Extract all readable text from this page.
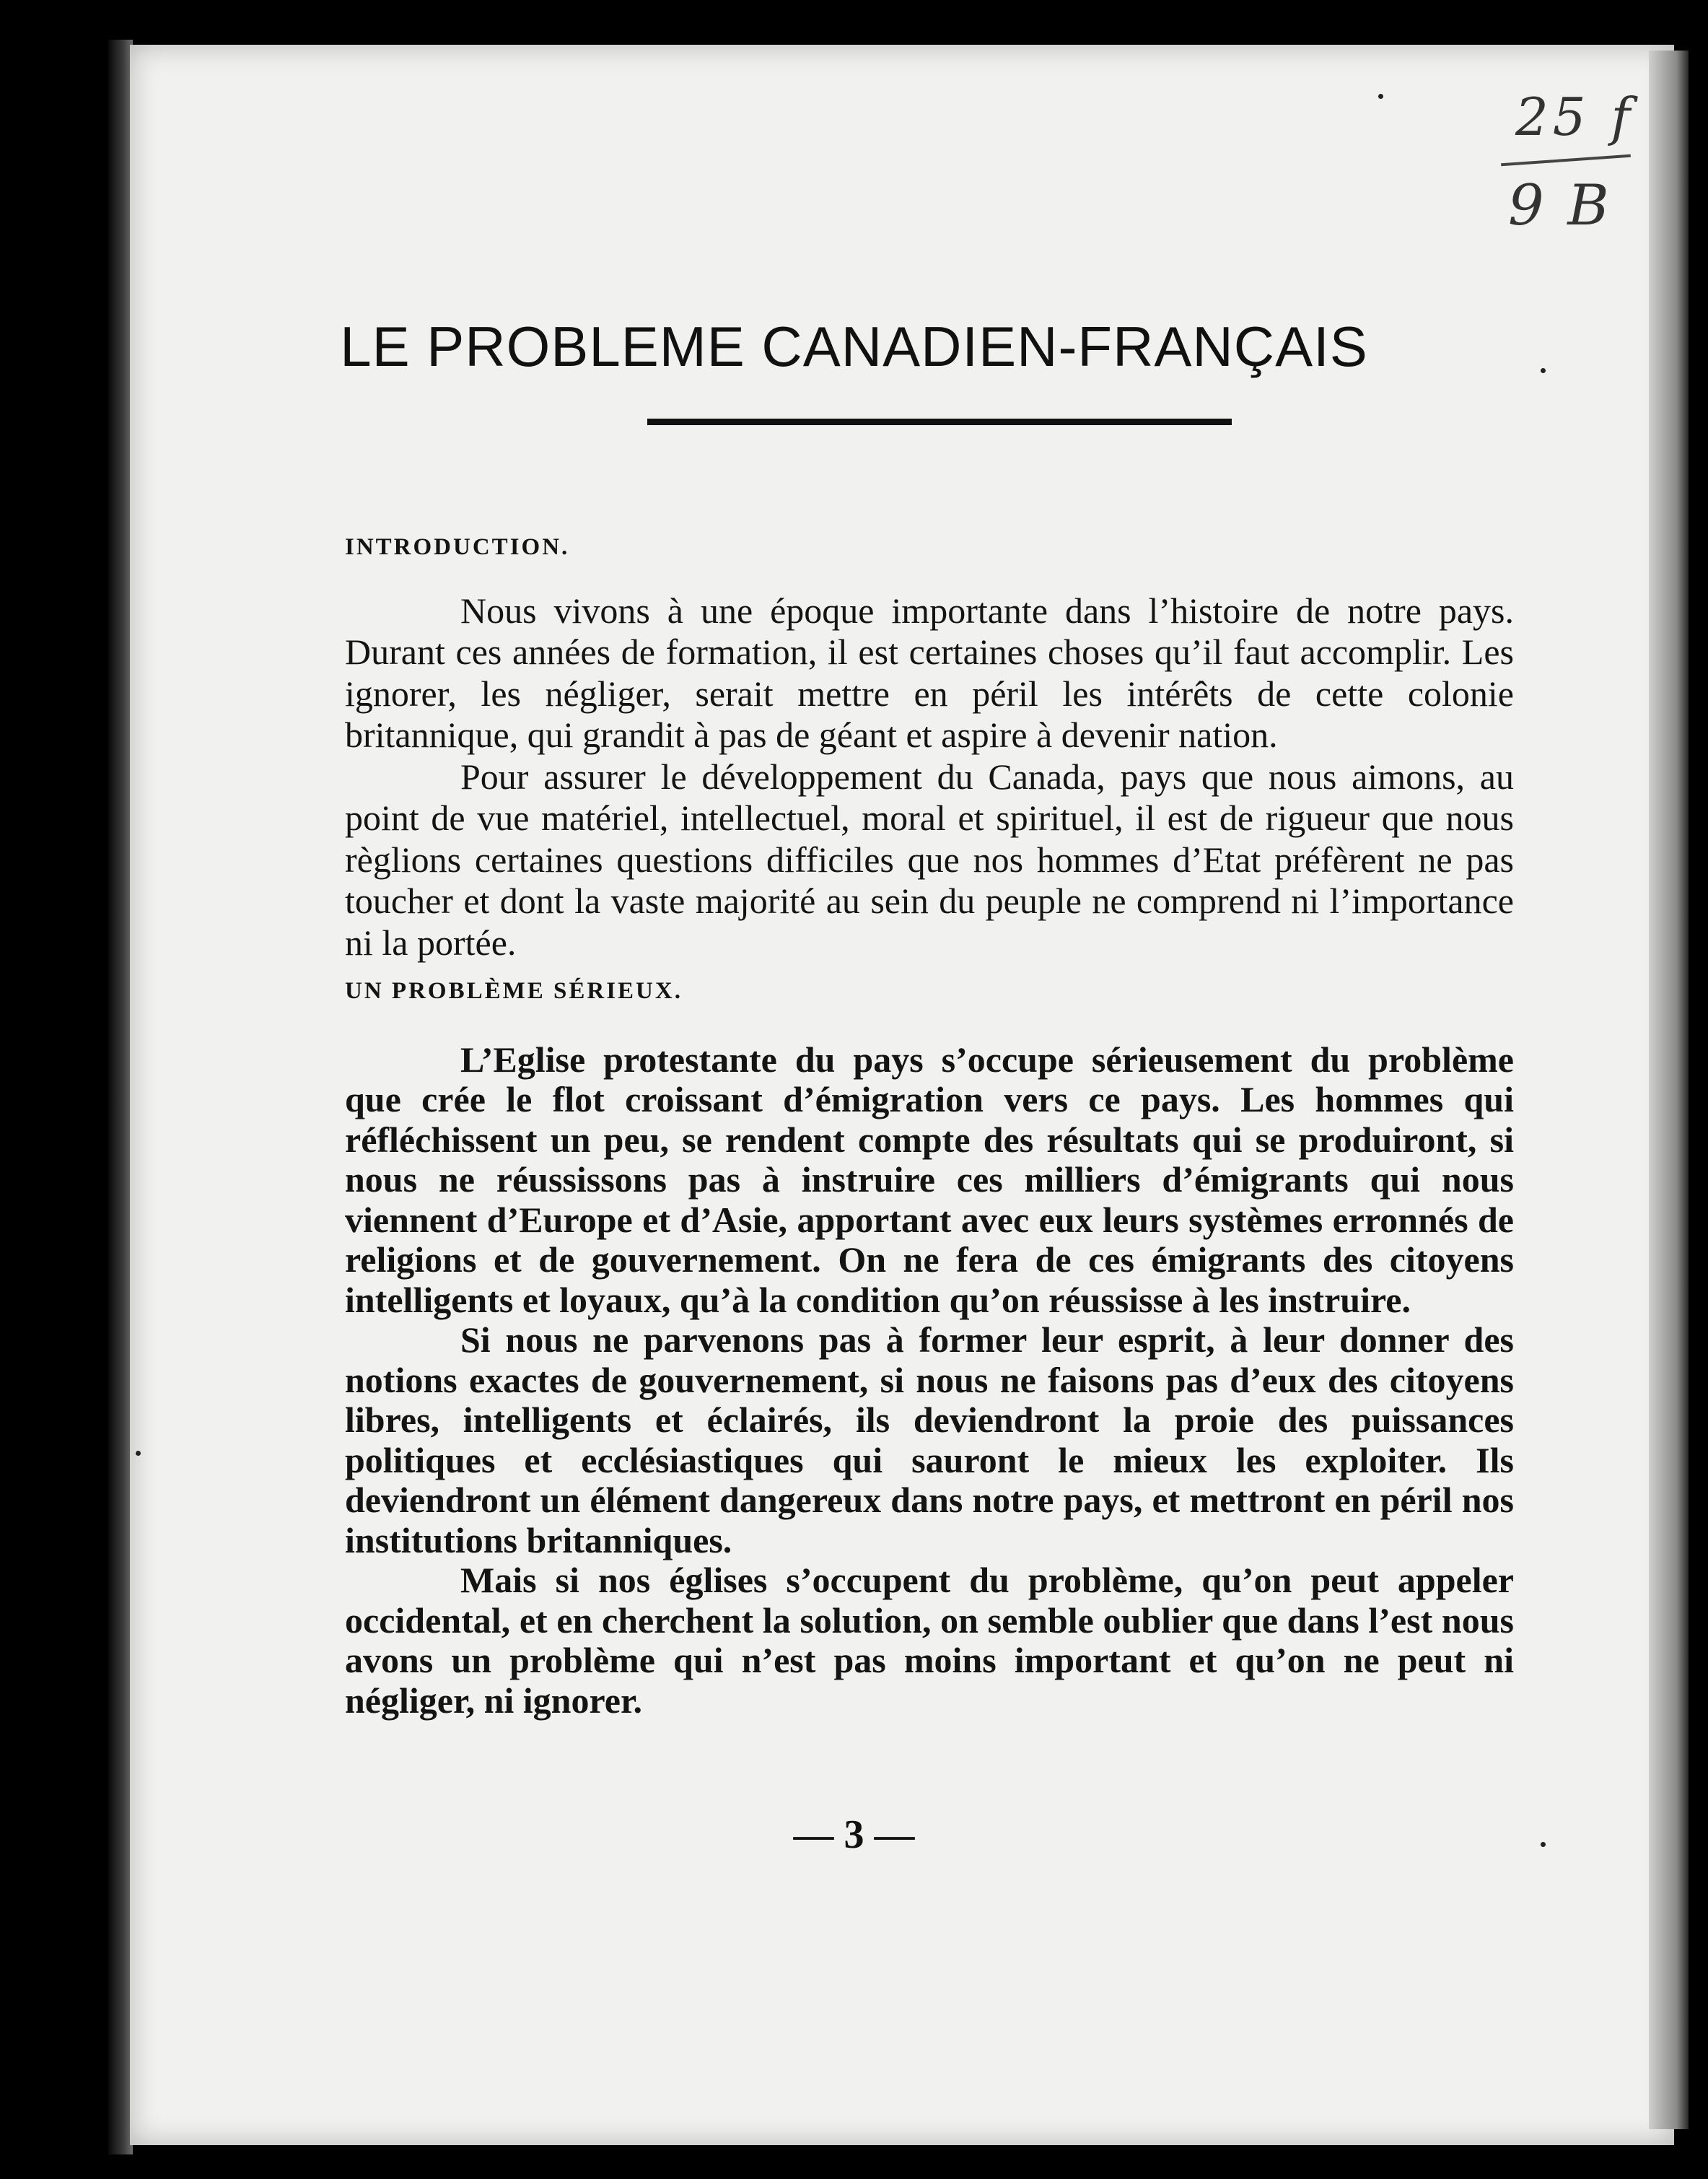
25 f
9 B
LE PROBLEME CANADIEN-FRANÇAIS

INTRODUCTION.

Nous vivons à une époque importante dans l’histoire de notre pays. Durant ces années de formation, il est certaines choses qu’il faut accomplir. Les ignorer, les négliger, serait mettre en péril les intérêts de cette colonie britannique, qui grandit à pas de géant et aspire à devenir nation.

Pour assurer le développement du Canada, pays que nous aimons, au point de vue matériel, intellectuel, moral et spirituel, il est de rigueur que nous règlions certaines questions difficiles que nos hommes d’Etat préfèrent ne pas toucher et dont la vaste majorité au sein du peuple ne comprend ni l’importance ni la portée.

UN PROBLÈME SÉRIEUX.

L’Eglise protestante du pays s’occupe sérieusement du problème que crée le flot croissant d’émigration vers ce pays. Les hommes qui réfléchissent un peu, se rendent compte des résultats qui se produiront, si nous ne réussissons pas à instruire ces milliers d’émigrants qui nous viennent d’Europe et d’Asie, apportant avec eux leurs systèmes erronnés de religions et de gouvernement. On ne fera de ces émigrants des citoyens intelligents et loyaux, qu’à la condition qu’on réussisse à les instruire.

Si nous ne parvenons pas à former leur esprit, à leur donner des notions exactes de gouvernement, si nous ne faisons pas d’eux des citoyens libres, intelligents et éclairés, ils deviendront la proie des puissances politiques et ecclésiastiques qui sauront le mieux les exploiter. Ils deviendront un élément dangereux dans notre pays, et mettront en péril nos institutions britanniques.

Mais si nos églises s’occupent du problème, qu’on peut appeler occidental, et en cherchent la solution, on semble oublier que dans l’est nous avons un problème qui n’est pas moins important et qu’on ne peut ni négliger, ni ignorer.

— 3 —
